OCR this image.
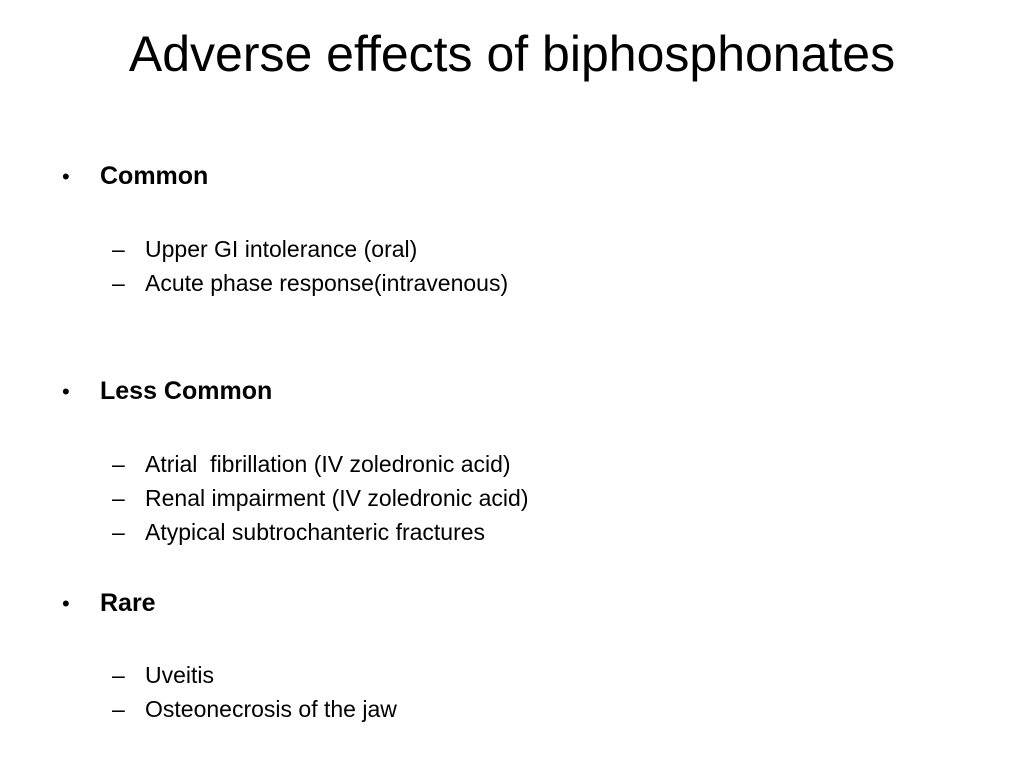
Adverse effects of biphosphonates
•	Common
– Upper GI intolerance (oral)
– Acute phase response(intravenous)
•	Less Common
– Atrial  fibrillation (IV zoledronic acid)
– Renal impairment (IV zoledronic acid)
– Atypical subtrochanteric fractures
•	Rare
– Uveitis
– Osteonecrosis of the jaw
